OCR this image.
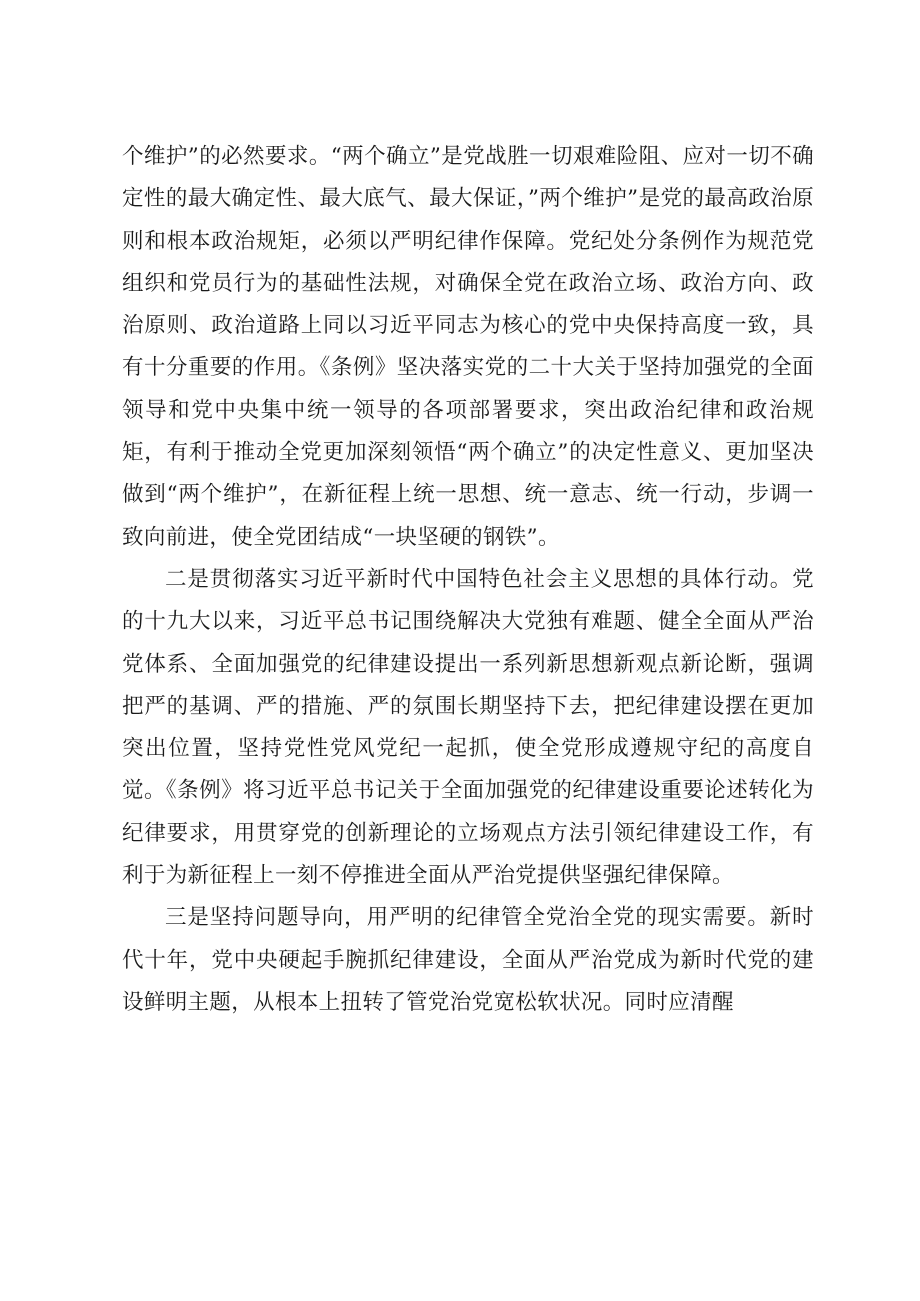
个维护”的必然要求。“两个确立”是党战胜一切艰难险阻、应对一切不确定性的最大确定性、最大底气、最大保证，”两个维护”是党的最高政治原则和根本政治规矩，必须以严明纪律作保障。党纪处分条例作为规范党组织和党员行为的基础性法规，对确保全党在政治立场、政治方向、政治原则、政治道路上同以习近平同志为核心的党中央保持高度一致，具有十分重要的作用。《条例》坚决落实党的二十大关于坚持加强党的全面领导和党中央集中统一领导的各项部署要求，突出政治纪律和政治规矩，有利于推动全党更加深刻领悟“两个确立”的决定性意义、更加坚决做到“两个维护”，在新征程上统一思想、统一意志、统一行动，步调一致向前进，使全党团结成“一块坚硬的钢铁”。

二是贯彻落实习近平新时代中国特色社会主义思想的具体行动。党的十九大以来，习近平总书记围绕解决大党独有难题、健全全面从严治党体系、全面加强党的纪律建设提出一系列新思想新观点新论断，强调把严的基调、严的措施、严的氛围长期坚持下去，把纪律建设摆在更加突出位置，坚持党性党风党纪一起抓，使全党形成遵规守纪的高度自觉。《条例》将习近平总书记关于全面加强党的纪律建设重要论述转化为纪律要求，用贯穿党的创新理论的立场观点方法引领纪律建设工作，有利于为新征程上一刻不停推进全面从严治党提供坚强纪律保障。

三是坚持问题导向，用严明的纪律管全党治全党的现实需要。新时代十年，党中央硬起手腕抓纪律建设，全面从严治党成为新时代党的建设鲜明主题，从根本上扭转了管党治党宽松软状况。同时应清醒
